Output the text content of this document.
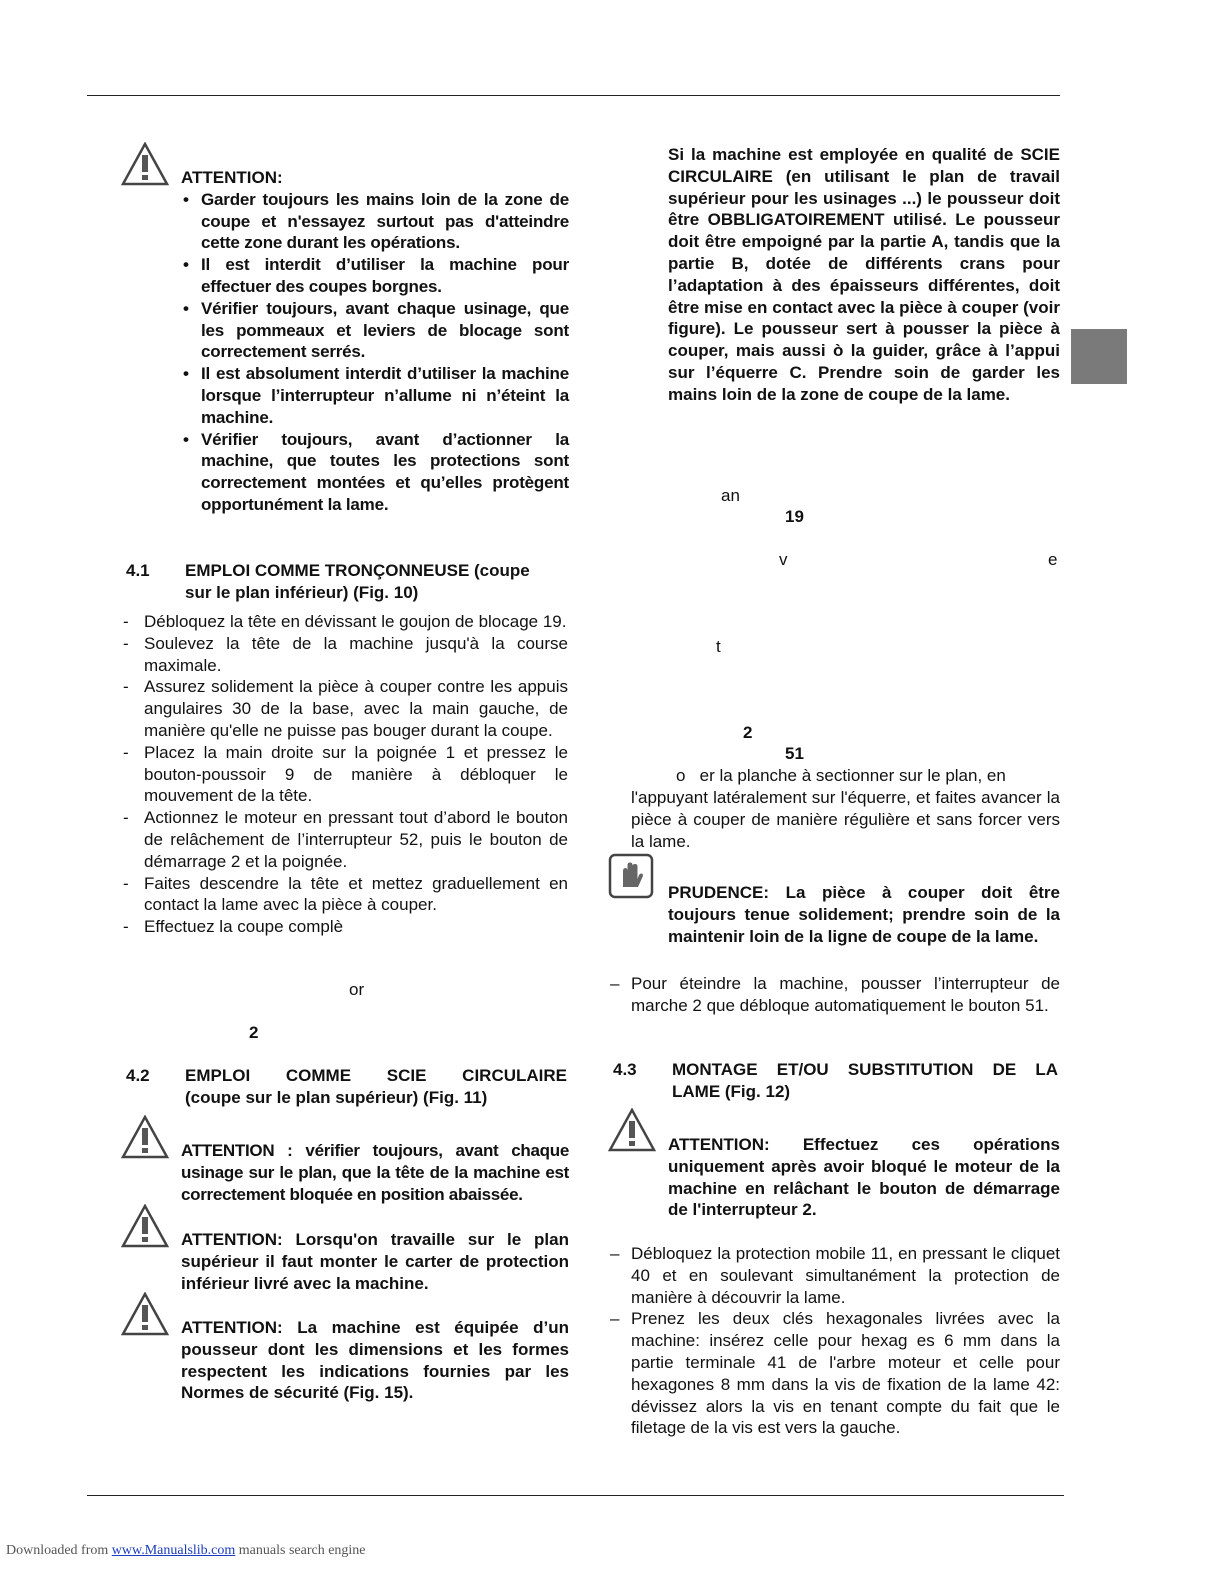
ATTENTION:
• Garder toujours les mains loin de la zone de coupe et n'essayez surtout pas d'atteindre cette zone durant les opérations.
• Il est interdit d’utiliser la machine pour effectuer des coupes borgnes.
• Vérifier toujours, avant chaque usinage, que les pommeaux et leviers de blocage sont correctement serrés.
• Il est absolument interdit d’utiliser la machine lorsque l’interrupteur n’allume ni n’éteint la machine.
• Vérifier toujours, avant d’actionner la machine, que toutes les protections sont correctement montées et qu’elles protègent opportunément la lame.
4.1 EMPLOI COMME TRONÇONNEUSE (coupe
sur le plan inférieur) (Fig. 10)
- Débloquez la tête en dévissant le goujon de blocage 19.
- Soulevez la tête de la machine jusqu'à la course maximale.
- Assurez solidement la pièce à couper contre les appuis angulaires 30 de la base, avec la main gauche, de manière qu'elle ne puisse pas bouger durant la coupe.
- Placez la main droite sur la poignée 1 et pressez le bouton-poussoir 9 de manière à débloquer le mouvement de la tête.
- Actionnez le moteur en pressant tout d’abord le bouton de relâchement de l’interrupteur 52, puis le bouton de démarrage 2 et la poignée.
- Faites descendre la tête et mettez graduellement en contact la lame avec la pièce à couper.
- Effectuez la coupe complè
or
2
4.2 EMPLOI COMME SCIE CIRCULAIRE
(coupe sur le plan supérieur) (Fig. 11)
ATTENTION : vérifier toujours, avant chaque usinage sur le plan, que la tête de la machine est correctement bloquée en position abaissée.
ATTENTION: Lorsqu'on travaille sur le plan supérieur il faut monter le carter de protection inférieur livré avec la machine.
ATTENTION: La machine est équipée d’un pousseur dont les dimensions et les formes respectent les indications fournies par les Normes de sécurité (Fig. 15).
Si la machine est employée en qualité de SCIE CIRCULAIRE (en utilisant le plan de travail supérieur pour les usinages ...) le pousseur doit être OBBLIGATOIREMENT utilisé. Le pousseur doit être empoigné par la partie A, tandis que la partie B, dotée de différents crans pour l’adaptation à des épaisseurs différentes, doit être mise en contact avec la pièce à couper (voir figure). Le pousseur sert à pousser la pièce à couper, mais aussi ò la guider, grâce à l’appui sur l’équerre C. Prendre soin de garder les mains loin de la zone de coupe de la lame.
an
19
v	e
t
2
51
o   er la planche à sectionner sur le plan, en
l'appuyant latéralement sur l'équerre, et faites avancer la pièce à couper de manière régulière et sans forcer vers la lame.
PRUDENCE: La pièce à couper doit être toujours tenue solidement; prendre soin de la maintenir loin de la ligne de coupe de la lame.
– Pour éteindre la machine, pousser l’interrupteur de marche 2 que débloque automatiquement le bouton 51.
4.3 MONTAGE ET/OU SUBSTITUTION DE LA
LAME (Fig. 12)
ATTENTION: Effectuez ces opérations uniquement après avoir bloqué le moteur de la machine en relâchant le bouton de démarrage de l'interrupteur 2.
– Débloquez la protection mobile 11, en pressant le cliquet 40 et en soulevant simultanément la protection de manière à découvrir la lame.
– Prenez les deux clés hexagonales livrées avec la machine: insérez celle pour hexag es 6 mm dans la partie terminale 41 de l'arbre moteur et celle pour hexagones 8 mm dans la vis de fixation de la lame 42: dévissez alors la vis en tenant compte du fait que le filetage de la vis est vers la gauche.
Downloaded from www.Manualslib.com manuals search engine
